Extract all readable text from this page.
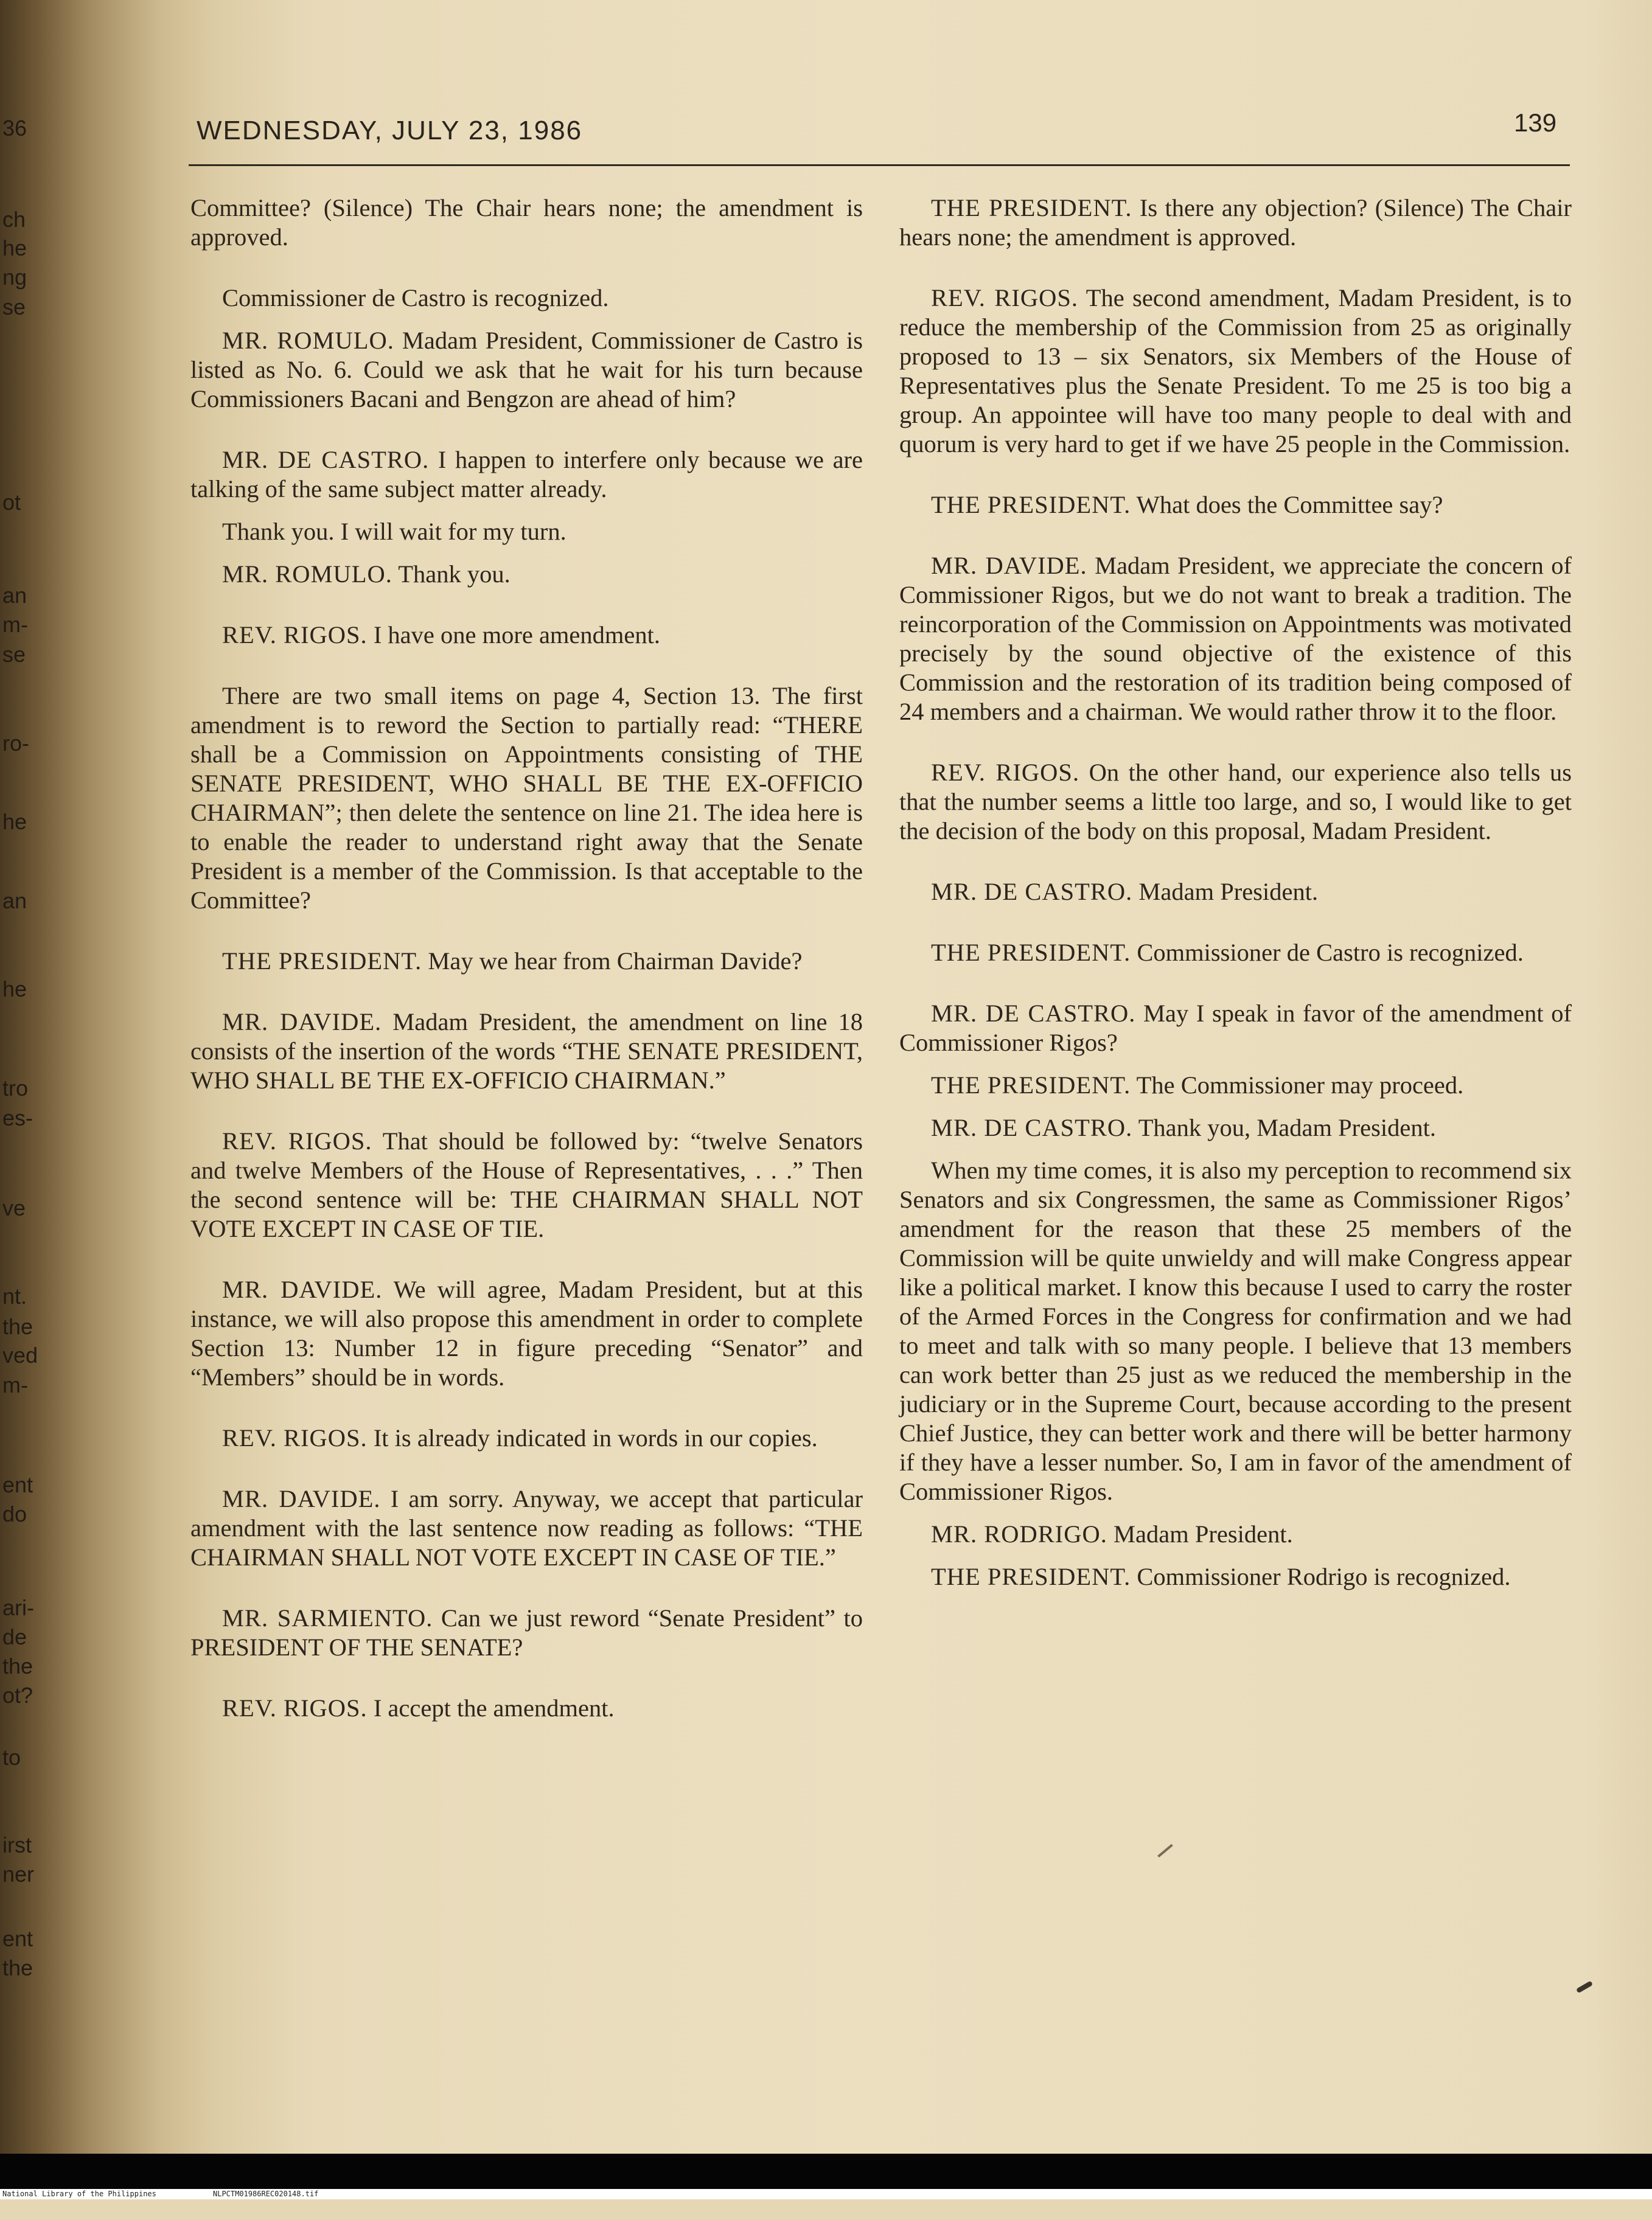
36
ch
he
ng
se
ot
an
m-
se
ro-
he
an
he
tro
es-
ve
nt.
the
ved
m-
ent
do
ari-
de
the
ot?
to
irst
ner
ent
the
WEDNESDAY, JULY 23, 1986	139

Committee? (Silence) The Chair hears none; the amendment is approved.

Commissioner de Castro is recognized.

MR. ROMULO. Madam President, Commissioner de Castro is listed as No. 6. Could we ask that he wait for his turn because Commissioners Bacani and Bengzon are ahead of him?

MR. DE CASTRO. I happen to interfere only because we are talking of the same subject matter already.

Thank you. I will wait for my turn.

MR. ROMULO. Thank you.

REV. RIGOS. I have one more amendment.

There are two small items on page 4, Section 13. The first amendment is to reword the Section to partially read: “THERE shall be a Commission on Appointments consisting of THE SENATE PRESIDENT, WHO SHALL BE THE EX-OFFICIO CHAIRMAN”; then delete the sentence on line 21. The idea here is to enable the reader to understand right away that the Senate President is a member of the Commission. Is that acceptable to the Committee?

THE PRESIDENT. May we hear from Chairman Davide?

MR. DAVIDE. Madam President, the amendment on line 18 consists of the insertion of the words “THE SENATE PRESIDENT, WHO SHALL BE THE EX-OFFICIO CHAIRMAN.”

REV. RIGOS. That should be followed by: “twelve Senators and twelve Members of the House of Representatives, . . .” Then the second sentence will be: THE CHAIRMAN SHALL NOT VOTE EXCEPT IN CASE OF TIE.

MR. DAVIDE. We will agree, Madam President, but at this instance, we will also propose this amendment in order to complete Section 13: Number 12 in figure preceding “Senator” and “Members” should be in words.

REV. RIGOS. It is already indicated in words in our copies.

MR. DAVIDE. I am sorry. Anyway, we accept that particular amendment with the last sentence now reading as follows: “THE CHAIRMAN SHALL NOT VOTE EXCEPT IN CASE OF TIE.”

MR. SARMIENTO. Can we just reword “Senate President” to PRESIDENT OF THE SENATE?

REV. RIGOS. I accept the amendment.

THE PRESIDENT. Is there any objection? (Silence) The Chair hears none; the amendment is approved.

REV. RIGOS. The second amendment, Madam President, is to reduce the membership of the Commission from 25 as originally proposed to 13 – six Senators, six Members of the House of Representatives plus the Senate President. To me 25 is too big a group. An appointee will have too many people to deal with and quorum is very hard to get if we have 25 people in the Commission.

THE PRESIDENT. What does the Committee say?

MR. DAVIDE. Madam President, we appreciate the concern of Commissioner Rigos, but we do not want to break a tradition. The reincorporation of the Commission on Appointments was motivated precisely by the sound objective of the existence of this Commission and the restoration of its tradition being composed of 24 members and a chairman. We would rather throw it to the floor.

REV. RIGOS. On the other hand, our experience also tells us that the number seems a little too large, and so, I would like to get the decision of the body on this proposal, Madam President.

MR. DE CASTRO. Madam President.

THE PRESIDENT. Commissioner de Castro is recognized.

MR. DE CASTRO. May I speak in favor of the amendment of Commissioner Rigos?

THE PRESIDENT. The Commissioner may proceed.

MR. DE CASTRO. Thank you, Madam President.

When my time comes, it is also my perception to recommend six Senators and six Congressmen, the same as Commissioner Rigos’ amendment for the reason that these 25 members of the Commission will be quite unwieldy and will make Congress appear like a political market. I know this because I used to carry the roster of the Armed Forces in the Congress for confirmation and we had to meet and talk with so many people. I believe that 13 members can work better than 25 just as we reduced the membership in the judiciary or in the Supreme Court, because according to the present Chief Justice, they can better work and there will be better harmony if they have a lesser number. So, I am in favor of the amendment of Commissioner Rigos.

MR. RODRIGO. Madam President.

THE PRESIDENT. Commissioner Rodrigo is recognized.

National Library of the Philippines

	NLPCTM01986REC020148.tif
